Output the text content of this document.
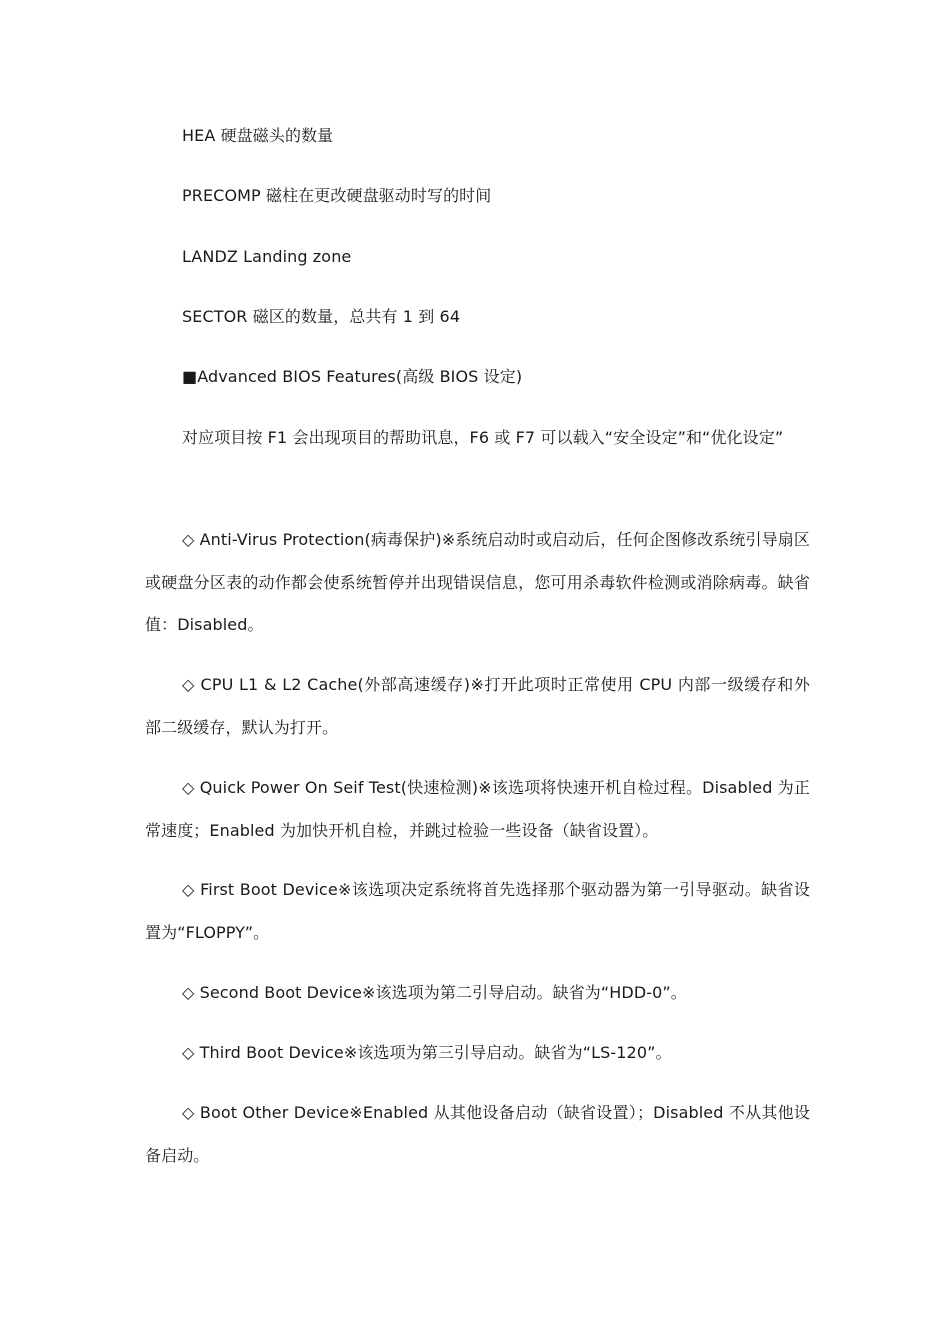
HEA 硬盘磁头的数量

PRECOMP 磁柱在更改硬盘驱动时写的时间

LANDZ Landing zone

SECTOR 磁区的数量，总共有 1 到 64

■Advanced BIOS Features(高级 BIOS 设定)

对应项目按 F1 会出现项目的帮助讯息，F6 或 F7 可以载入“安全设定”和“优化设定”

◇ Anti-Virus Protection(病毒保护)※系统启动时或启动后，任何企图修改系统引导扇区或硬盘分区表的动作都会使系统暂停并出现错误信息，您可用杀毒软件检测或消除病毒。缺省值：Disabled。

◇ CPU L1 & L2 Cache(外部高速缓存)※打开此项时正常使用 CPU 内部一级缓存和外部二级缓存，默认为打开。

◇ Quick Power On Seif Test(快速检测)※该选项将快速开机自检过程。Disabled 为正常速度；Enabled 为加快开机自检，并跳过检验一些设备（缺省设置）。

◇ First Boot Device※该选项决定系统将首先选择那个驱动器为第一引导驱动。缺省设置为“FLOPPY”。

◇ Second Boot Device※该选项为第二引导启动。缺省为“HDD-0”。

◇ Third Boot Device※该选项为第三引导启动。缺省为“LS-120”。

◇ Boot Other Device※Enabled 从其他设备启动（缺省设置）；Disabled 不从其他设备启动。
